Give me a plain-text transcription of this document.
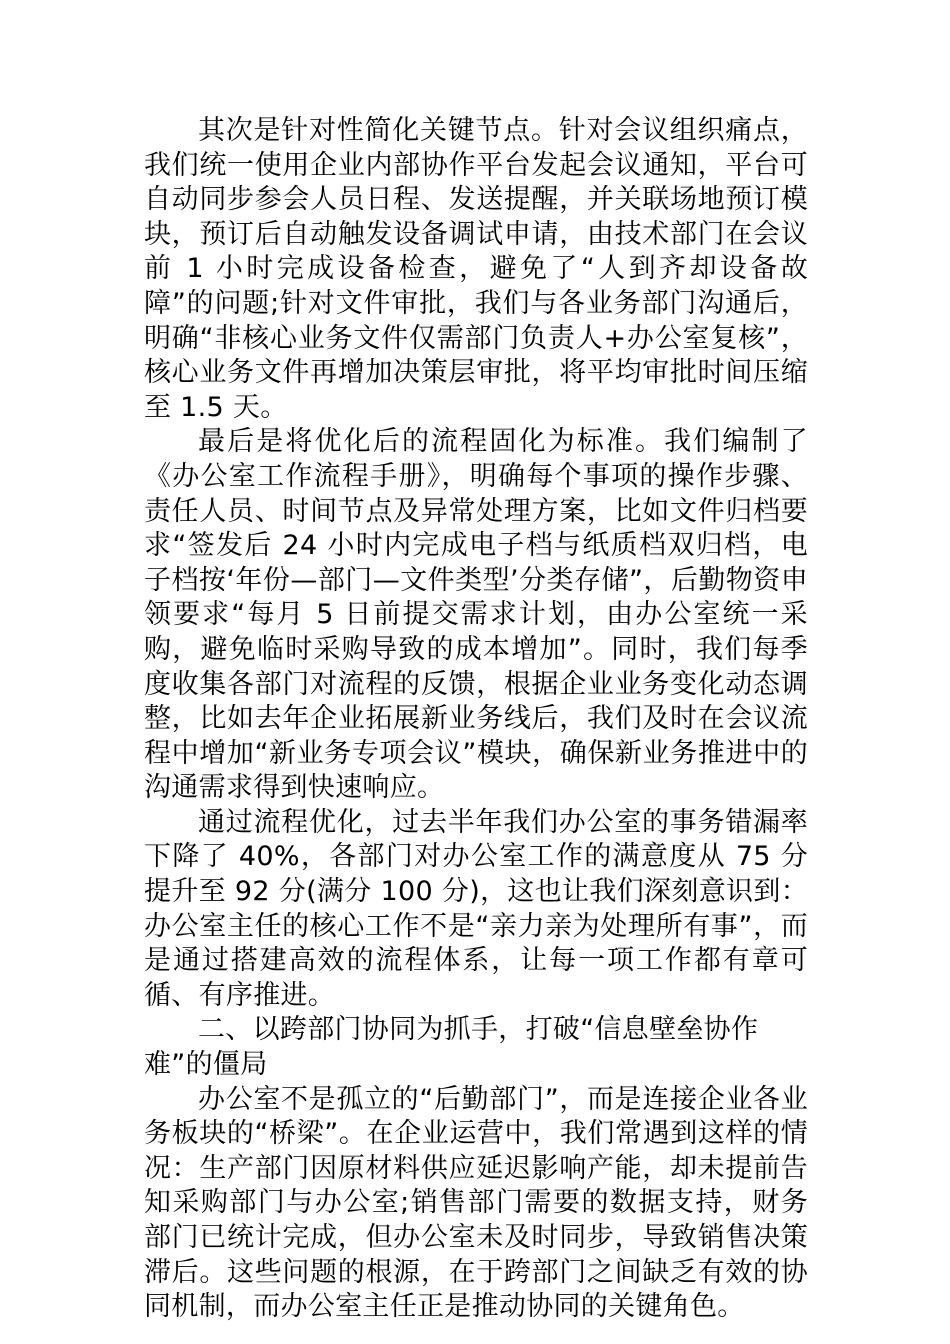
其次是针对性简化关键节点。针对会议组织痛点，我们统一使用企业内部协作平台发起会议通知，平台可自动同步参会人员日程、发送提醒，并关联场地预订模块，预订后自动触发设备调试申请，由技术部门在会议前 1 小时完成设备检查，避免了“人到齐却设备故障”的问题;针对文件审批，我们与各业务部门沟通后，明确“非核心业务文件仅需部门负责人+办公室复核”，核心业务文件再增加决策层审批，将平均审批时间压缩至 1.5 天。

最后是将优化后的流程固化为标准。我们编制了《办公室工作流程手册》，明确每个事项的操作步骤、责任人员、时间节点及异常处理方案，比如文件归档要求“签发后 24 小时内完成电子档与纸质档双归档，电子档按‘年份—部门—文件类型’分类存储”，后勤物资申领要求“每月 5 日前提交需求计划，由办公室统一采购，避免临时采购导致的成本增加”。同时，我们每季度收集各部门对流程的反馈，根据企业业务变化动态调整，比如去年企业拓展新业务线后，我们及时在会议流程中增加“新业务专项会议”模块，确保新业务推进中的沟通需求得到快速响应。

通过流程优化，过去半年我们办公室的事务错漏率下降了 40%，各部门对办公室工作的满意度从 75 分提升至 92 分(满分 100 分)，这也让我们深刻意识到：办公室主任的核心工作不是“亲力亲为处理所有事”，而是通过搭建高效的流程体系，让每一项工作都有章可循、有序推进。

二、以跨部门协同为抓手，打破“信息壁垒协作难”的僵局

办公室不是孤立的“后勤部门”，而是连接企业各业务板块的“桥梁”。在企业运营中，我们常遇到这样的情况：生产部门因原材料供应延迟影响产能，却未提前告知采购部门与办公室;销售部门需要的数据支持，财务部门已统计完成，但办公室未及时同步，导致销售决策滞后。这些问题的根源，在于跨部门之间缺乏有效的协同机制，而办公室主任正是推动协同的关键角色。
